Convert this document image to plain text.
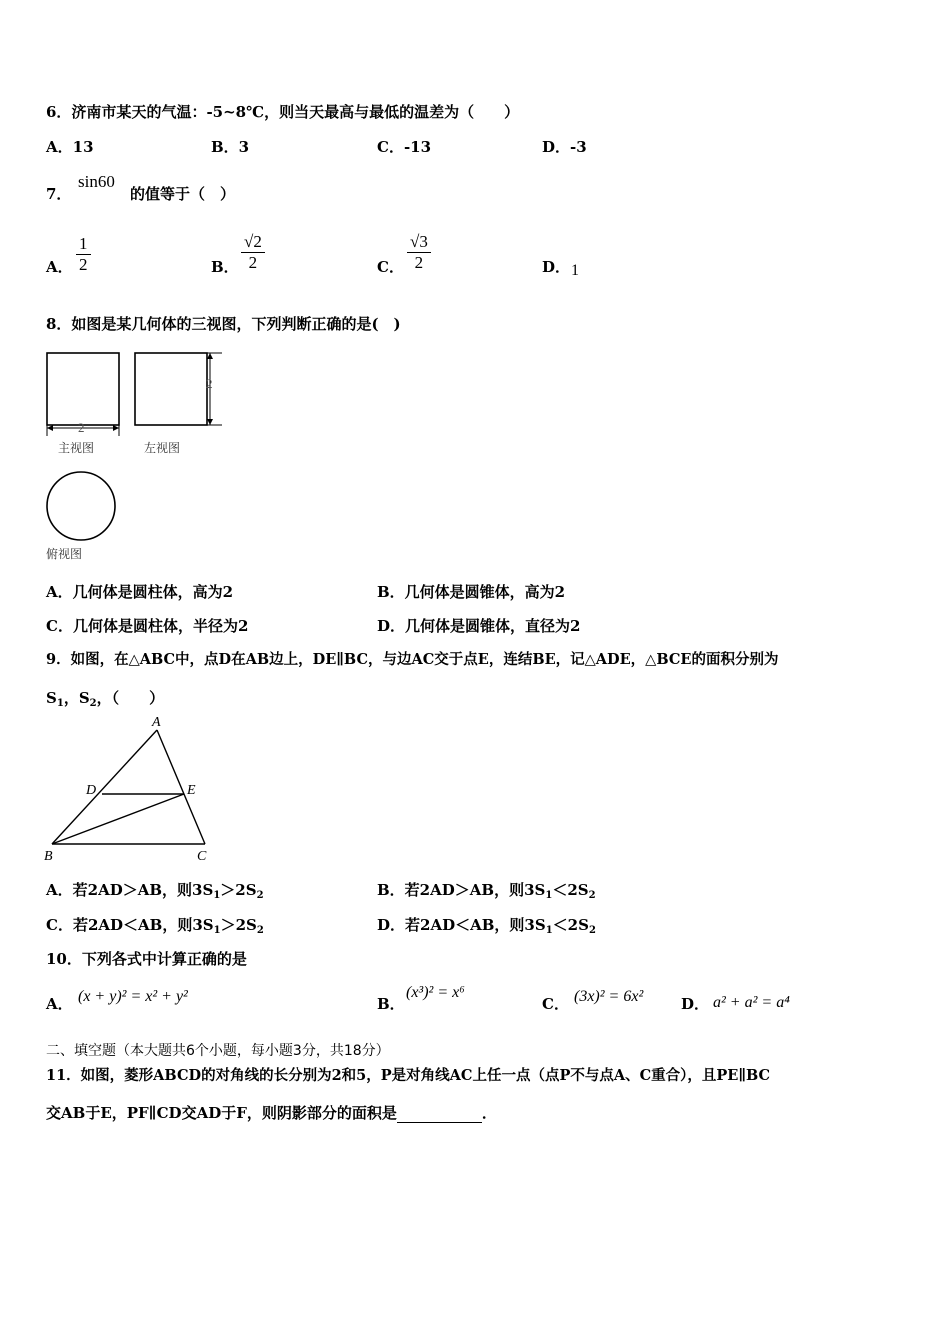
6．济南市某天的气温：-5~8℃，则当天最高与最低的温差为（　　）
A．13	B．3	C．-13	D．-3
7．
sin60
的值等于（　）
A． $\frac{1}{2}$	B． $\frac{√2}{2}$	C． $\frac{√3}{2}$	D． 1
8．如图是某几何体的三视图，下列判断正确的是(　)
2
主视图
2
左视图
俯视图
A．几何体是圆柱体，高为2	B．几何体是圆锥体，高为2
C．几何体是圆柱体，半径为2	D．几何体是圆锥体，直径为2
9．如图，在△ABC中，点D在AB边上，DE∥BC，与边AC交于点E，连结BE，记△ADE，△BCE的面积分别为
$S_1$，$S_2$，（　　）
A
D	E
B	C
A．若2AD＞AB，则$3S_1>2S_2$	B．若2AD＞AB，则$3S_1<2S_2$
C．若2AD＜AB，则$3S_1>2S_2$	D．若2AD＜AB，则$3S_1<2S_2$
10．下列各式中计算正确的是
A． (x + y)² = x² + y²	B．
(x³)² = x⁶
C． (3x)² = 6x²	D． a² + a² = a⁴
二、填空题（本大题共6个小题，每小题3分，共18分）
11．如图，菱形ABCD的对角线的长分别为2和5，P是对角线AC上任一点（点P不与点A、C重合），且PE∥BC
交AB于E，PF∥CD交AD于F，则阴影部分的面积是	．
